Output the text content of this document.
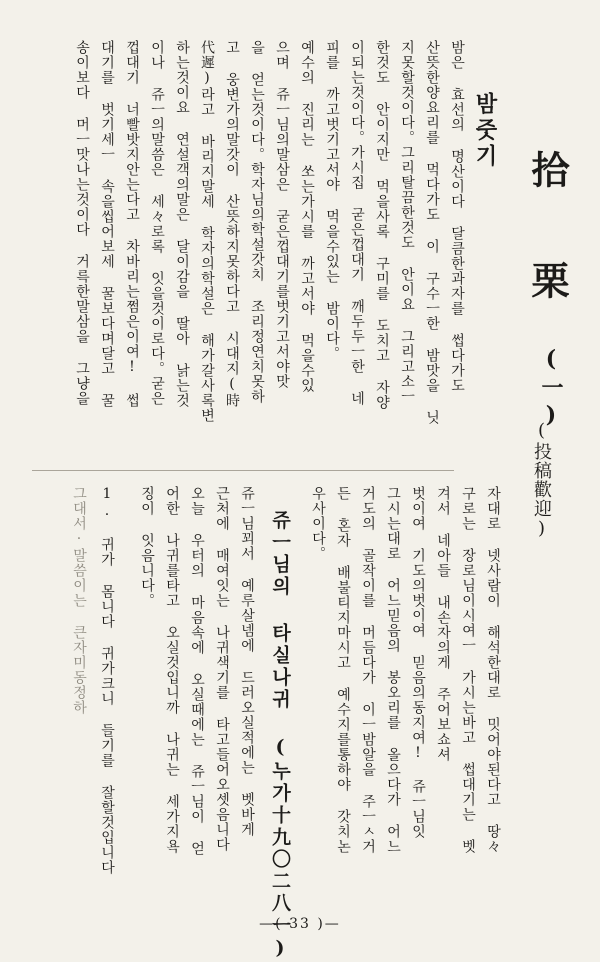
拾 栗
(一)
(投稿歡迎)
밤줏기
밤은 효선의 명산이다 달큼한과자를 썹다가도
산뜻한양요리를 먹다가도 이 구수ㅡ한 밤맛을 닛
지못할것이다。그리탈끔한것도 안이요 그리고소ㅡ
한것도 안이지만 먹을사록 구미를 도치고 자양
이되는것이다。가시집 굳은껍대기 깨두두ㅡ한 네
피를 까고벗기고서야 먹을수있는 밤이다。
예수의 진리는 쏘는가시를 까고서야 먹을수있
으며 쥬ㅡ님의말삼은 굳은껍대기를벗기고서야맛
을 얻는것이다。학자님의학설갓치 조리정연치못하
고 웅변가의말갓이 산뜻하지못하다고 시대지(時
代遲)라고 바리지말세 학자의학설은 해가갈사록변
하는것이요 연설객의말은 달이감을 딸아 낡는것
이나 쥬ㅡ의말씀은 세々로록 잇을것이로다。굳은
껍대기 너빨밧지안는다고 차바리는쩜은이여! 썹
대기를 벗기세ㅡ 속을씹어보세 꿀보다며달고 꿀
송이보다 머ㅡ맛나는것이다 거륵한말삼을 그냥을
자대로 넷사람이 해석한대로 밋어야된다고 땅々
구로는 장로님이시여ㅡ 가시는바고 썹대기는 벳
겨서 네아들 내손자의게 주어보쇼셔
벗이여 기도의벗이여 믿음의동지여! 쥬ㅡ님잇
그시는대로 어느믿음의 봉오리를 올으다가 어느
거도의 골작이를 머듬다가 이ㅡ밤알을 주ㅡㅅ거
든 혼자 배불티지마시고 예수지를통하야 갓치논
우사이다。
쥬ㅡ님의 타실나귀 (누가十九〇二八ㅡ)
쥬ㅡ님꾀서 예루살넴에 드러오실적에는 벳바게
근처에 매여잇는 나귀색기를 타고들어오셋음니다
오늘 우터의 마음속에 오실때에는 쥬ㅡ님이 얻
어한 나귀를타고 오실것입니까 나귀는 세가지욕
징이 잇음니다。
1. 귀가 몸니다 귀가크니 들기를 잘할것입니다
그대서·말씀이는 큰자미동정하
—( 33 )—
